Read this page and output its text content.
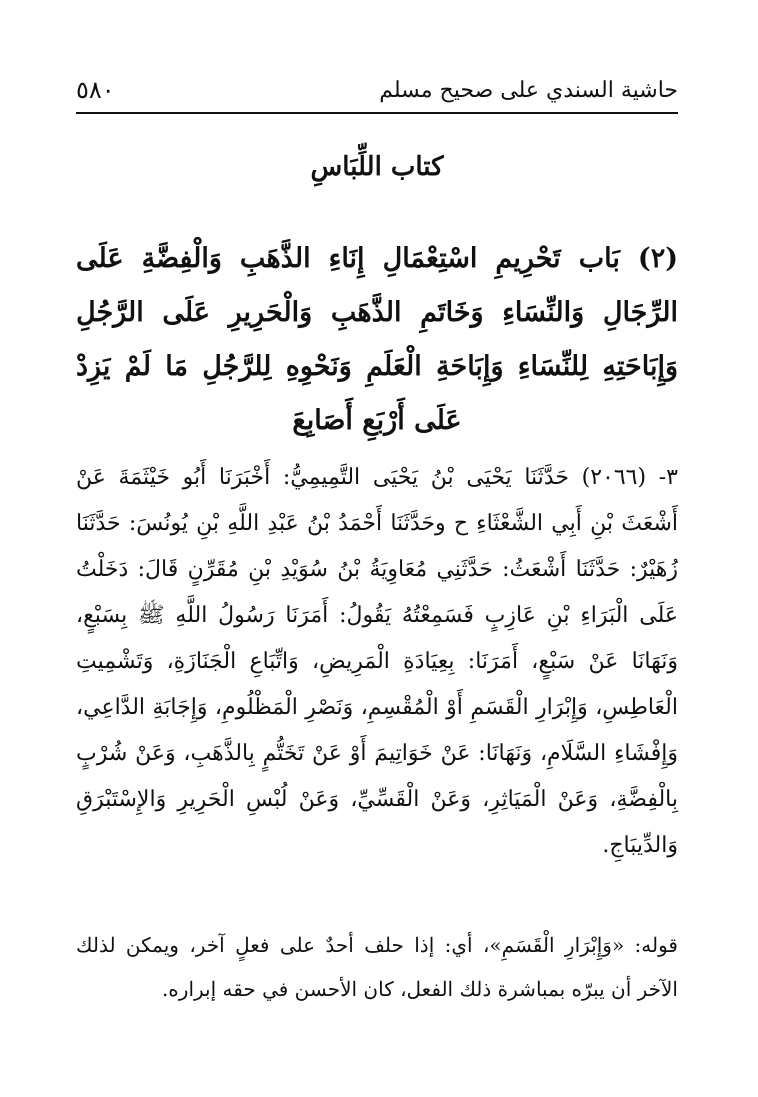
حاشية السندي على صحيح مسلم
٥٨٠
كتاب اللِّبَاسِ
(٢) بَاب تَحْرِيمِ اسْتِعْمَالِ إِنَاءِ الذَّهَبِ وَالْفِضَّةِ عَلَى الرِّجَالِ وَالنِّسَاءِ وَخَاتَمِ الذَّهَبِ وَالْحَرِيرِ عَلَى الرَّجُلِ وَإِبَاحَتِهِ لِلنِّسَاءِ وَإِبَاحَةِ الْعَلَمِ وَنَحْوِهِ لِلرَّجُلِ مَا لَمْ يَزِدْ عَلَى أَرْبَعِ أَصَابِعَ
٣- (٢٠٦٦) حَدَّثَنَا يَحْيَى بْنُ يَحْيَى التَّمِيمِيُّ: أَخْبَرَنَا أَبُو خَيْثَمَةَ عَنْ أَشْعَثَ بْنِ أَبِي الشَّعْثَاءِ ح وحَدَّثَنَا أَحْمَدُ بْنُ عَبْدِ اللَّهِ بْنِ يُونُسَ: حَدَّثَنَا زُهَيْرٌ: حَدَّثَنَا أَشْعَثُ: حَدَّثَنِي مُعَاوِيَةُ بْنُ سُوَيْدِ بْنِ مُقَرِّنٍ قَالَ: دَخَلْتُ عَلَى الْبَرَاءِ بْنِ عَازِبٍ فَسَمِعْتُهُ يَقُولُ: أَمَرَنَا رَسُولُ اللَّهِ ﷺ بِسَبْعٍ، وَنَهَانَا عَنْ سَبْعٍ، أَمَرَنَا: بِعِيَادَةِ الْمَرِيضِ، وَاتِّبَاعِ الْجَنَازَةِ، وَتَشْمِيتِ الْعَاطِسِ، وَإِبْرَارِ الْقَسَمِ أَوْ الْمُقْسِمِ، وَنَصْرِ الْمَظْلُومِ، وَإِجَابَةِ الدَّاعِي، وَإِفْشَاءِ السَّلَامِ، وَنَهَانَا: عَنْ خَوَاتِيمَ أَوْ عَنْ تَخَتُّمٍ بِالذَّهَبِ، وَعَنْ شُرْبٍ بِالْفِضَّةِ، وَعَنْ الْمَيَاثِرِ، وَعَنْ الْقَسِّيِّ، وَعَنْ لُبْسِ الْحَرِيرِ وَالإِسْتَبْرَقِ وَالدِّيبَاجِ.
قوله: «وَإِبْرَارِ الْقَسَمِ»، أي: إذا حلف أحدٌ على فعلٍ آخر، ويمكن لذلك الآخر أن يبرّه بمباشرة ذلك الفعل، كان الأحسن في حقه إبراره.
